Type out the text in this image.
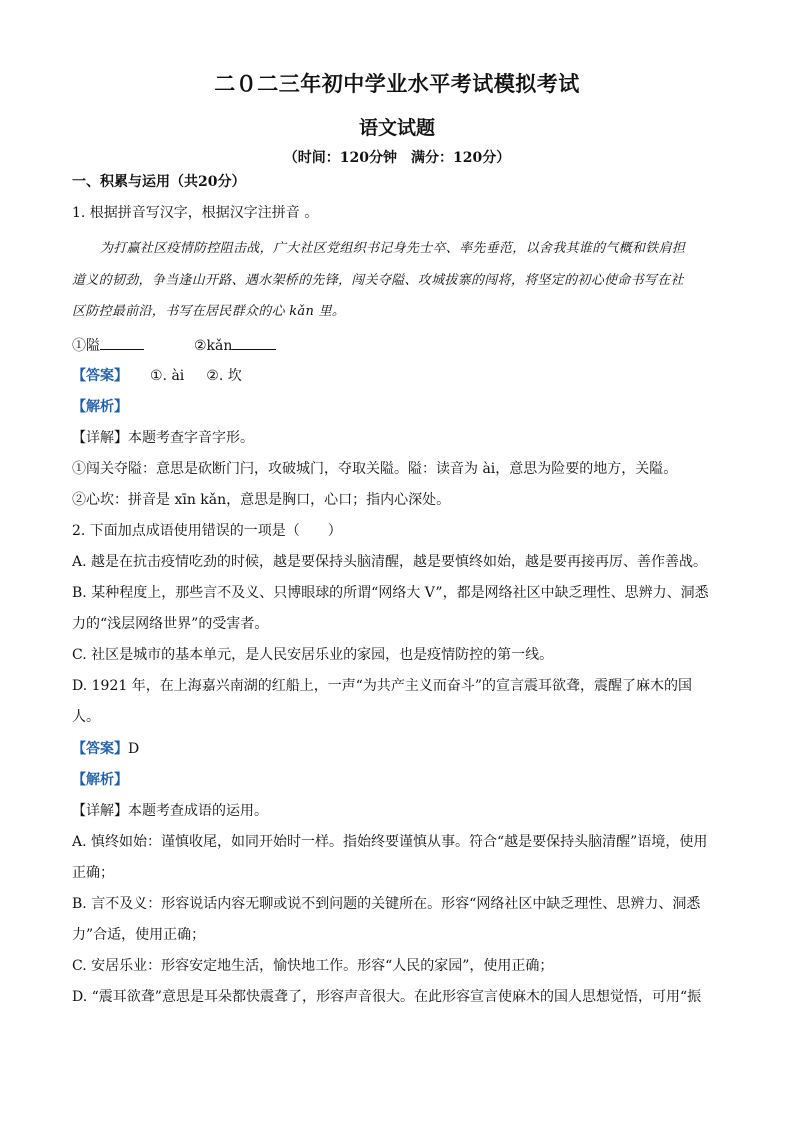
二０二三年初中学业水平考试模拟考试
语文试题
（时间：120分钟　满分：120分）
一、积累与运用（共20分）
1. 根据拼音写汉字，根据汉字注拼音 。
为打赢社区疫情防控阻击战，广大社区党组织书记身先士卒、率先垂范，以舍我其谁的气概和铁肩担
道义的韧劲，争当逢山开路、遇水架桥的先锋，闯关夺隘、攻城拔寨的闯将，将坚定的初心使命书写在社
区防控最前沿，书写在居民群众的心 kǎn 里。
①隘	②kǎn
【答案】 ①. ài ②. 坎
【解析】
【详解】本题考查字音字形。
①闯关夺隘：意思是砍断门闩，攻破城门，夺取关隘。隘：读音为 ài，意思为险要的地方，关隘。
②心坎：拼音是 xīn kǎn，意思是胸口，心口；指内心深处。
2. 下面加点成语使用错误的一项是（　　）
A. 越是在抗击疫情吃劲的时候，越是要保持头脑清醒，越是要慎终如始，越是要再接再厉、善作善战。
B. 某种程度上，那些言不及义、只博眼球的所谓“网络大 V”，都是网络社区中缺乏理性、思辨力、洞悉
力的“浅层网络世界”的受害者。
C. 社区是城市的基本单元，是人民安居乐业的家园，也是疫情防控的第一线。
D. 1921 年，在上海嘉兴南湖的红船上，一声“为共产主义而奋斗”的宣言震耳欲聋，震醒了麻木的国
人。
【答案】D
【解析】
【详解】本题考查成语的运用。
A. 慎终如始：谨慎收尾，如同开始时一样。指始终要谨慎从事。符合“越是要保持头脑清醒”语境，使用
正确；
B. 言不及义：形容说话内容无聊或说不到问题的关键所在。形容“网络社区中缺乏理性、思辨力、洞悉
力”合适，使用正确；
C. 安居乐业：形容安定地生活，愉快地工作。形容“人民的家园”，使用正确；
D. “震耳欲聋”意思是耳朵都快震聋了，形容声音很大。在此形容宣言使麻木的国人思想觉悟，可用“振
